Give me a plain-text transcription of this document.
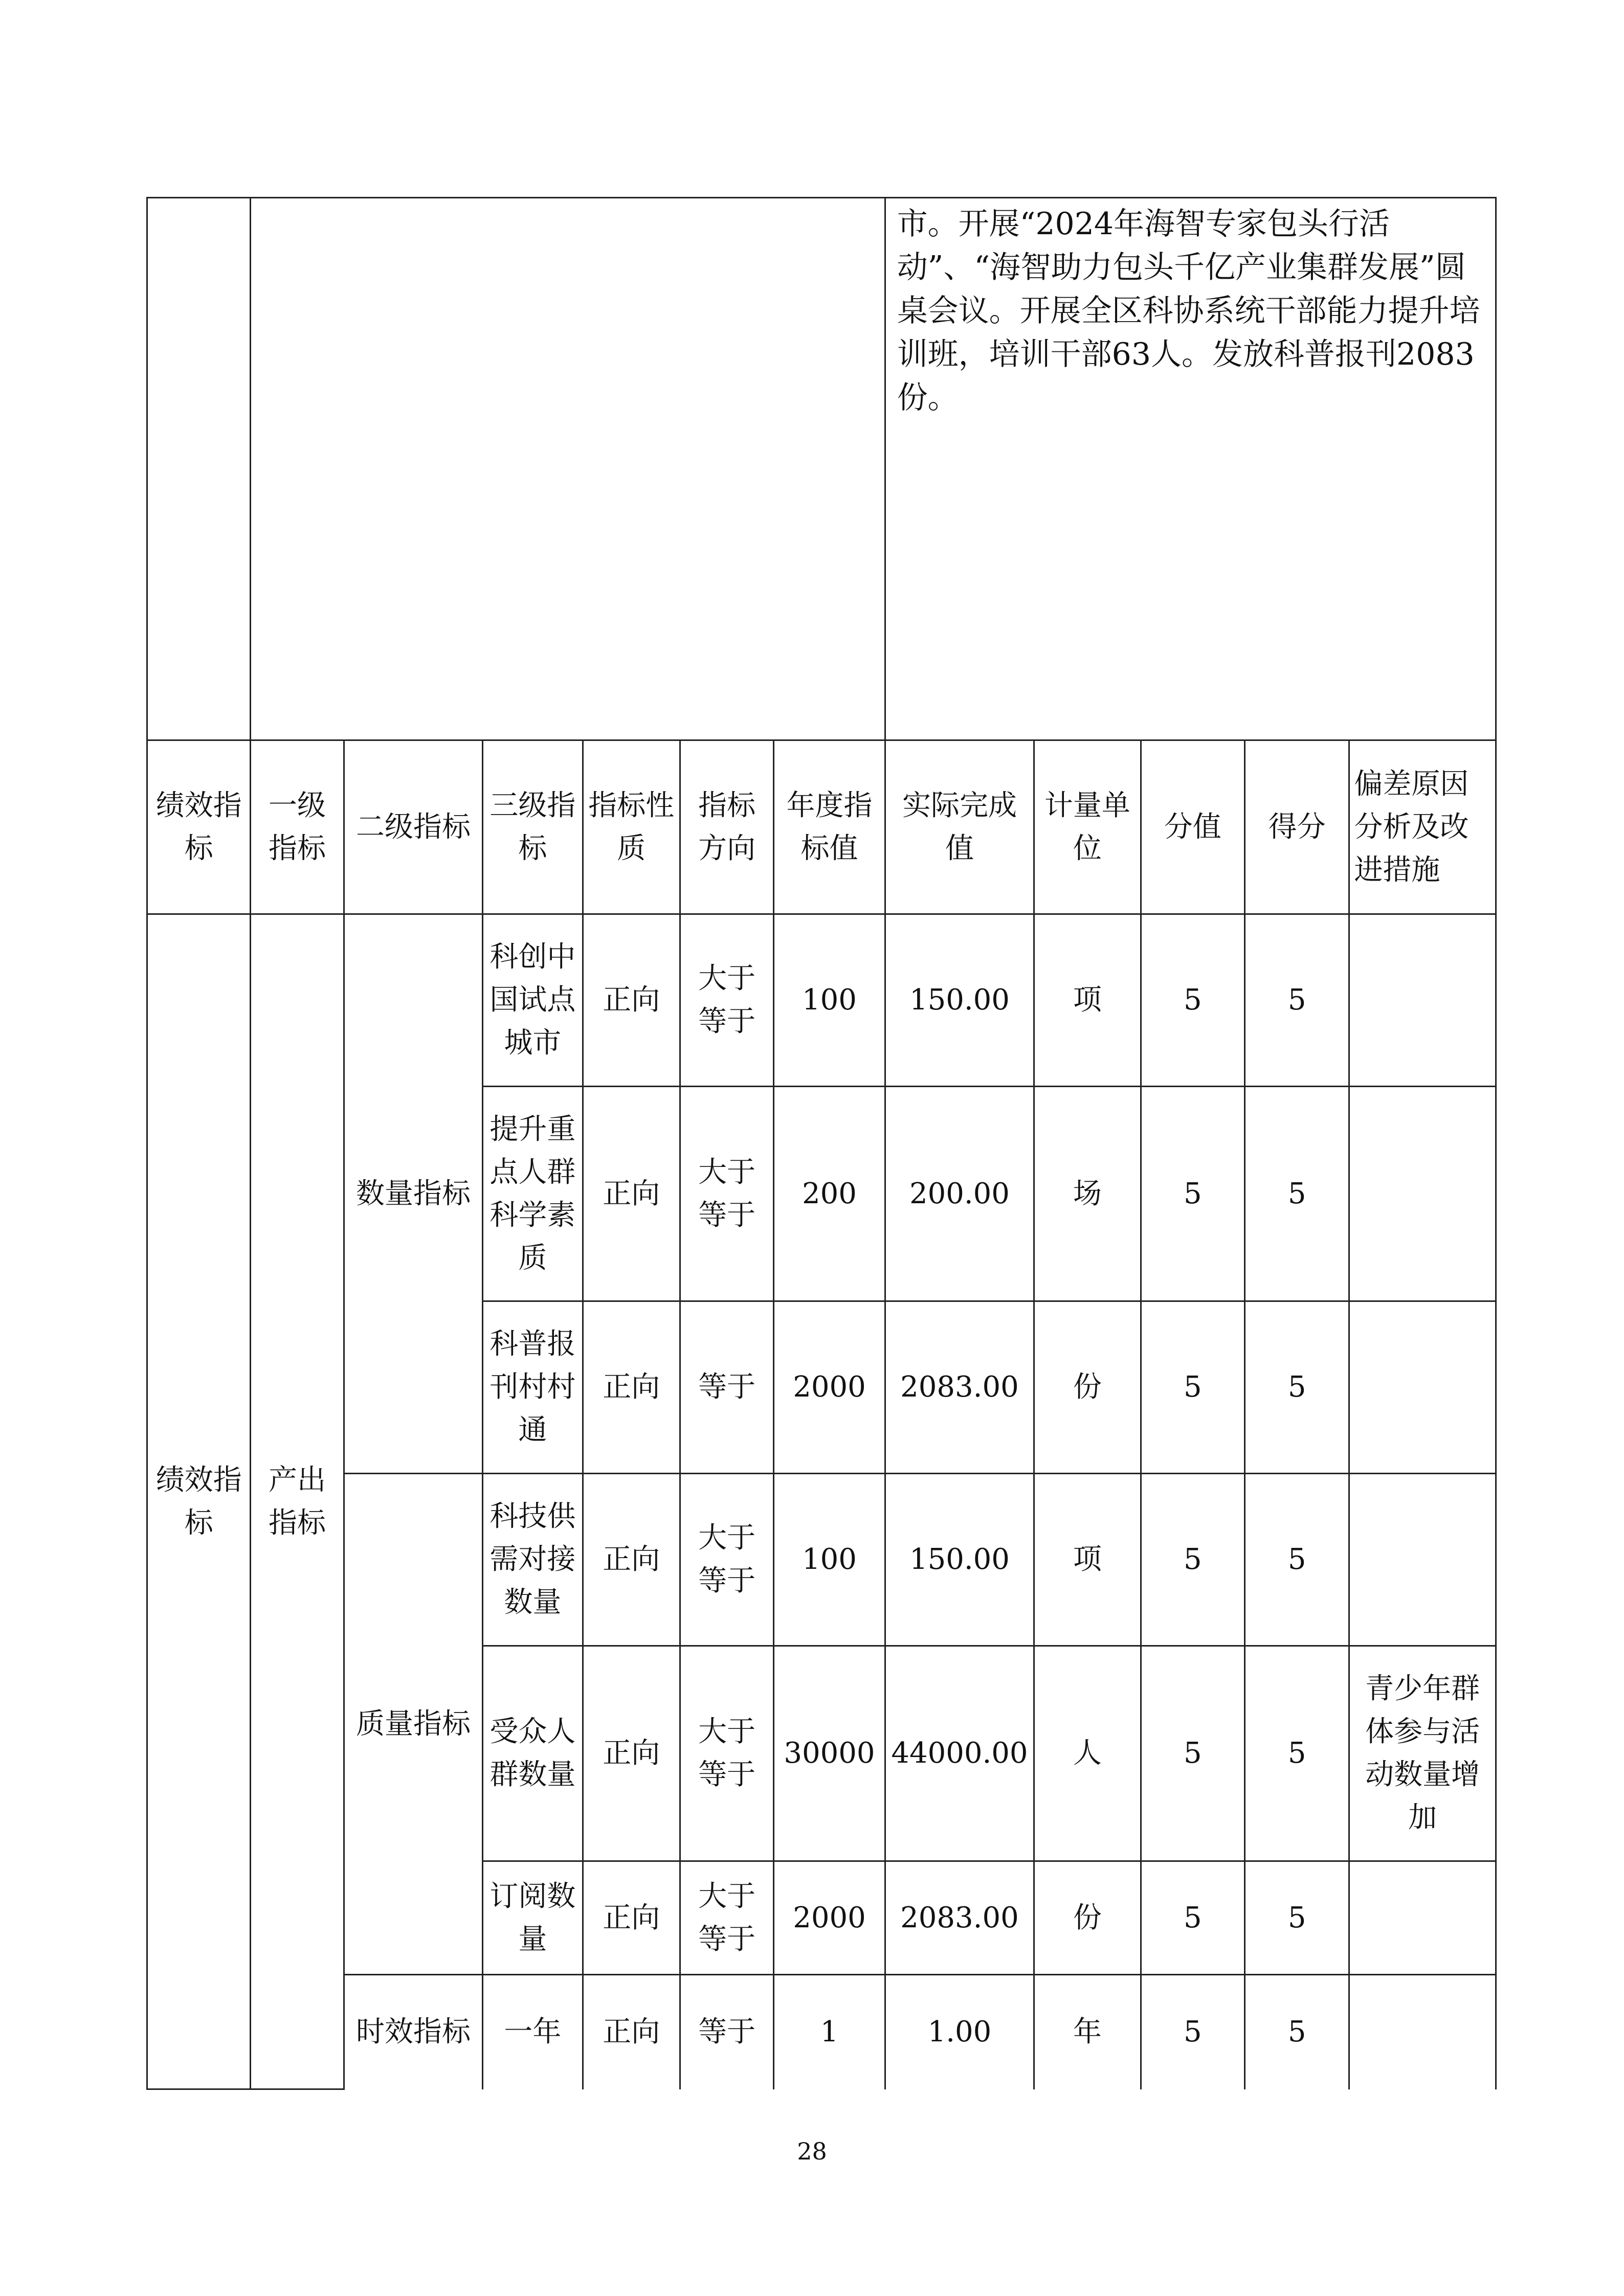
							市。开展“2024年海智专家包头行活动”、“海智助力包头千亿产业集群发展”圆桌会议。开展全区科协系统干部能力提升培训班，培训干部63人。发放科普报刊2083份。				

绩效指标	一级指标	二级指标	三级指标	指标性质	指标方向	年度指标值	实际完成值	计量单位	分值	得分	偏差原因分析及改进措施
绩效指标	产出指标	数量指标	科创中国试点城市	正向	大于等于	100	150.00	项	5	5	
			提升重点人群科学素质	正向	大于等于	200	200.00	场	5	5	
			科普报刊村村通	正向	等于	2000	2083.00	份	5	5	
		质量指标	科技供需对接数量	正向	大于等于	100	150.00	项	5	5	
			受众人群数量	正向	大于等于	30000	44000.00	人	5	5	青少年群体参与活动数量增加
			订阅数量	正向	大于等于	2000	2083.00	份	5	5	
		时效指标	一年	正向	等于	1	1.00	年	5	5	
28
